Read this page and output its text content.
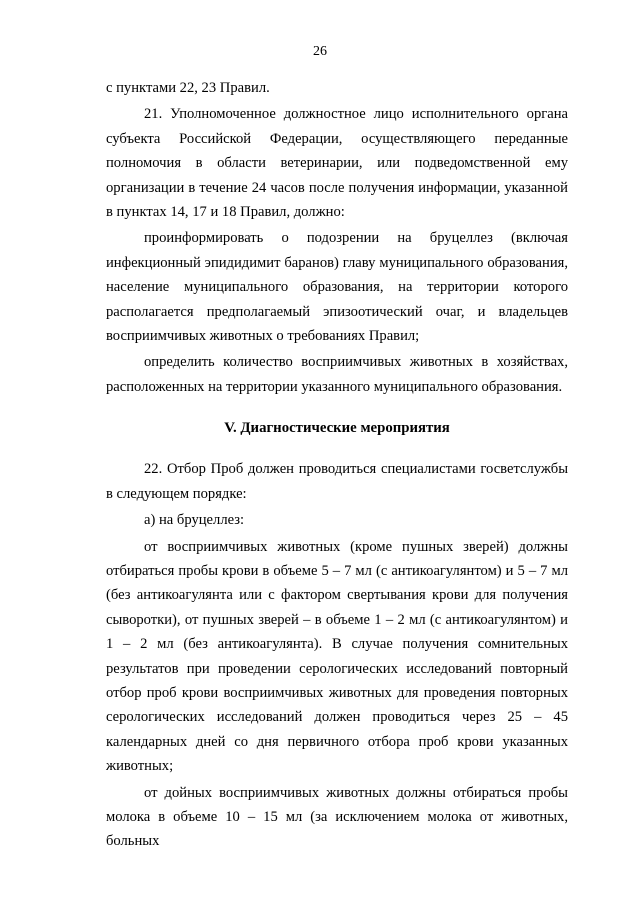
26

с пунктами 22, 23 Правил.

21. Уполномоченное должностное лицо исполнительного органа субъекта Российской Федерации, осуществляющего переданные полномочия в области ветеринарии, или подведомственной ему организации в течение 24 часов после получения информации, указанной в пунктах 14, 17 и 18 Правил, должно:

проинформировать о подозрении на бруцеллез (включая инфекционный эпидидимит баранов) главу муниципального образования, население муниципального образования, на территории которого располагается предполагаемый эпизоотический очаг, и владельцев восприимчивых животных о требованиях Правил;

определить количество восприимчивых животных в хозяйствах, расположенных на территории указанного муниципального образования.

V. Диагностические мероприятия

22. Отбор Проб должен проводиться специалистами госветслужбы в следующем порядке:

а) на бруцеллез:

от восприимчивых животных (кроме пушных зверей) должны отбираться пробы крови в объеме 5 – 7 мл (с антикоагулянтом) и 5 – 7 мл (без антикоагулянта или с фактором свертывания крови для получения сыворотки), от пушных зверей – в объеме 1 – 2 мл (с антикоагулянтом) и 1 – 2 мл (без антикоагулянта). В случае получения сомнительных результатов при проведении серологических исследований повторный отбор проб крови восприимчивых животных для проведения повторных серологических исследований должен проводиться через 25 – 45 календарных дней со дня первичного отбора проб крови указанных животных;

от дойных восприимчивых животных должны отбираться пробы молока в объеме 10 – 15 мл (за исключением молока от животных, больных
